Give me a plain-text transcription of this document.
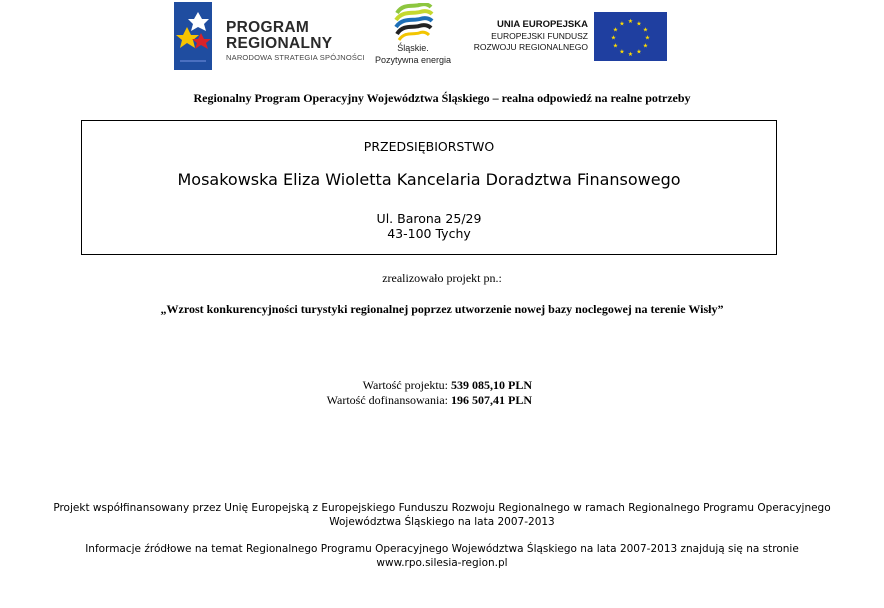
PROGRAM
REGIONALNY
NARODOWA STRATEGIA SPÓJNOŚCI
Śląskie.
Pozytywna energia
UNIA EUROPEJSKA
EUROPEJSKI FUNDUSZ
ROZWOJU REGIONALNEGO
★ ★
★
★
★
★
★
★
★
★
★
★
Regionalny Program Operacyjny Województwa Śląskiego – realna odpowiedź na realne potrzeby
PRZEDSIĘBIORSTWO
Mosakowska Eliza Wioletta Kancelaria Doradztwa Finansowego
Ul. Barona 25/29
43-100 Tychy
zrealizowało projekt pn.:
„Wzrost konkurencyjności turystyki regionalnej poprzez utworzenie nowej bazy noclegowej na terenie Wisły”
Wartość projektu: 539 085,10 PLN
Wartość dofinansowania: 196 507,41 PLN
Projekt współfinansowany przez Unię Europejską z Europejskiego Funduszu Rozwoju Regionalnego w ramach Regionalnego Programu Operacyjnego
Województwa Śląskiego na lata 2007-2013
Informacje źródłowe na temat Regionalnego Programu Operacyjnego Województwa Śląskiego na lata 2007-2013 znajdują się na stronie
www.rpo.silesia-region.pl
